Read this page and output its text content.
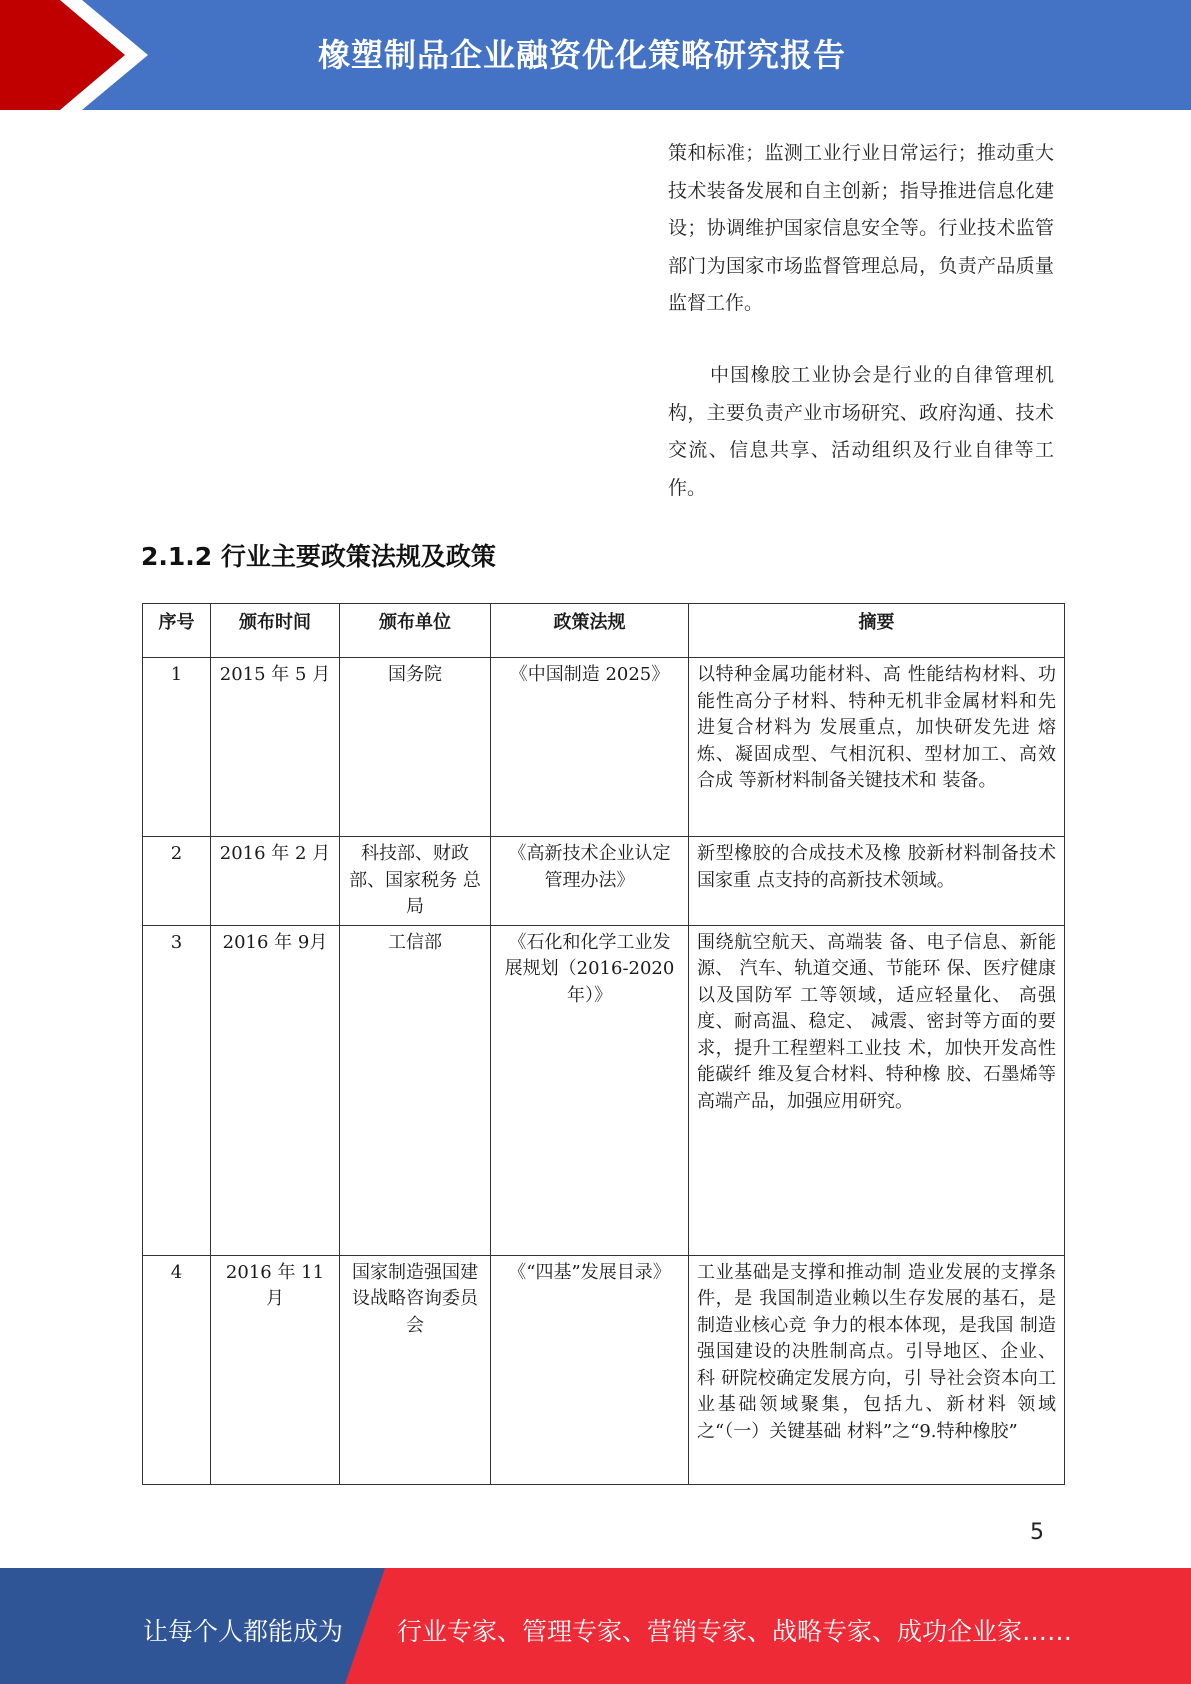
橡塑制品企业融资优化策略研究报告

策和标准；监测工业行业日常运行；推动重大技术装备发展和自主创新；指导推进信息化建设；协调维护国家信息安全等。行业技术监管部门为国家市场监督管理总局，负责产品质量监督工作。

中国橡胶工业协会是行业的自律管理机构，主要负责产业市场研究、政府沟通、技术交流、信息共享、活动组织及行业自律等工作。

2.1.2 行业主要政策法规及政策
序号	颁布时间	颁布单位	政策法规	摘要
1	2015 年 5 月	国务院	《中国制造 2025》	以特种金属功能材料、高 性能结构材料、功能性高分子材料、特种无机非金属材料和先进复合材料为 发展重点，加快研发先进 熔炼、凝固成型、气相沉积、型材加工、高效合成 等新材料制备关键技术和 装备。
2	2016 年 2 月	科技部、财政部、国家税务 总 局	《高新技术企业认定 管理办法》	新型橡胶的合成技术及橡 胶新材料制备技术国家重 点支持的高新技术领域。
3	2016 年 9月	工信部	《石化和化学工业发 展规划（2016-2020 年）》	围绕航空航天、高端装 备、电子信息、新能源、 汽车、轨道交通、节能环 保、医疗健康以及国防军 工等领域，适应轻量化、 高强度、耐高温、稳定、 减震、密封等方面的要 求，提升工程塑料工业技 术，加快开发高性能碳纤 维及复合材料、特种橡 胶、石墨烯等高端产品，加强应用研究。
4	2016 年 11 月	国家制造强国建 设战略咨询委员 会	《“四基”发展目录》	工业基础是支撑和推动制 造业发展的支撑条件，是 我国制造业赖以生存发展的基石，是制造业核心竞 争力的根本体现，是我国 制造强国建设的决胜制高点。引导地区、企业、科 研院校确定发展方向，引 导社会资本向工业基础领域聚集，包括九、新材料 领域之“（一）关键基础 材料”之“9.特种橡胶”
5
让每个人都能成为 行业专家、管理专家、营销专家、战略专家、成功企业家……
